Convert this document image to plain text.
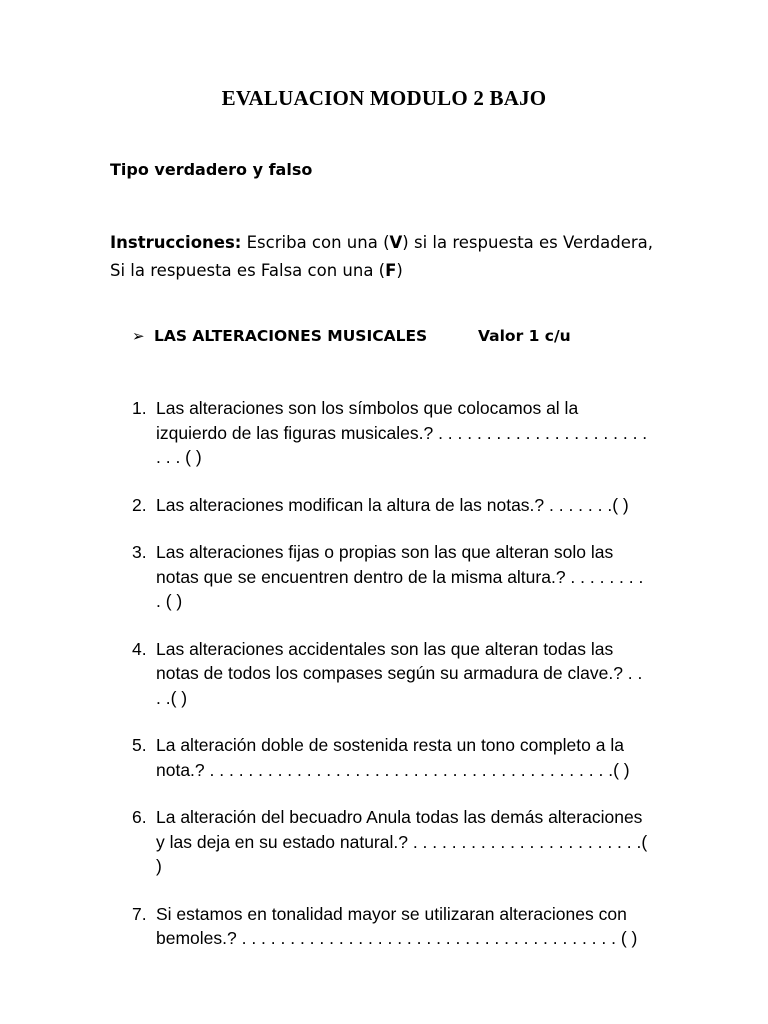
EVALUACION MODULO 2 BAJO
Tipo verdadero y falso
Instrucciones: Escriba con una (V) si la respuesta es Verdadera, Si la respuesta es Falsa con una (F)
➢ LAS ALTERACIONES MUSICALES	Valor 1 c/u
1. Las alteraciones son los símbolos que colocamos al la izquierdo de las figuras musicales.? . . . . . . . . . . . . . . . . . . . . . . . . . ( )
2. Las alteraciones modifican la altura de las notas.? . . . . . . .( )
3. Las alteraciones fijas o propias son las que alteran solo las notas que se encuentren dentro de la misma altura.? . . . . . . . . . ( )
4. Las alteraciones accidentales son las que alteran todas las notas de todos los compases según su armadura de clave.? . . . .( )
5. La alteración doble de sostenida resta un tono completo a la nota.? . . . . . . . . . . . . . . . . . . . . . . . . . . . . . . . . . . . . . . . . . .( )
6. La alteración del becuadro Anula todas las demás alteraciones y las deja en su estado natural.? . . . . . . . . . . . . . . . . . . . . . . . .( )
7. Si estamos en tonalidad mayor se utilizaran alteraciones con bemoles.? . . . . . . . . . . . . . . . . . . . . . . . . . . . . . . . . . . . . . . . ( )
